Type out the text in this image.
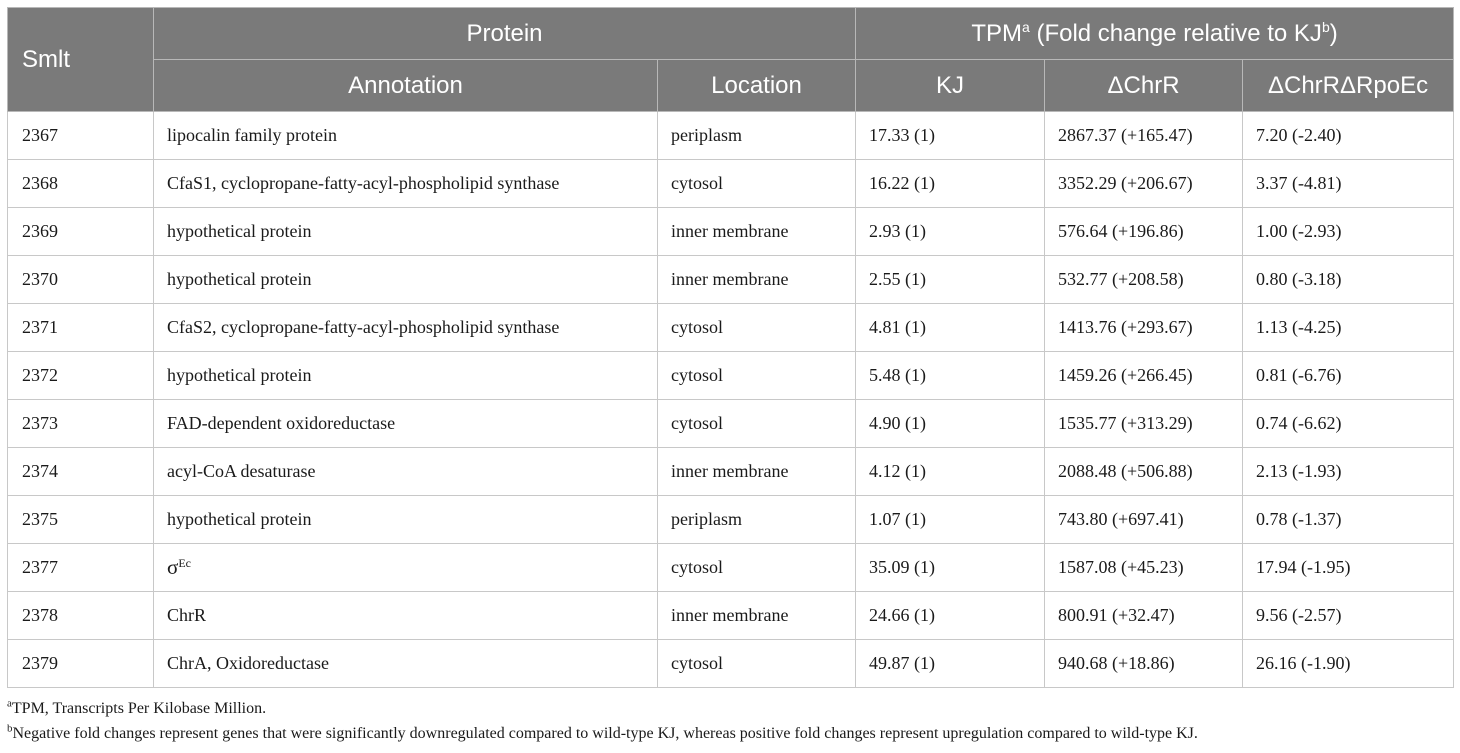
Smlt	Protein		TPM$^a$ (Fold change relative to $KJ^b$)		
	Annotation	Location	KJ	ΔChrR	ΔChrRΔRpoEc
2367	lipocalin family protein	periplasm	17.33 (1)	2867.37 (+165.47)	7.20 (-2.40)
2368	CfaS1, cyclopropane-fatty-acyl-phospholipid synthase	cytosol	16.22 (1)	3352.29 (+206.67)	3.37 (-4.81)
2369	hypothetical protein	inner membrane	2.93 (1)	576.64 (+196.86)	1.00 (-2.93)
2370	hypothetical protein	inner membrane	2.55 (1)	532.77 (+208.58)	0.80 (-3.18)
2371	CfaS2, cyclopropane-fatty-acyl-phospholipid synthase	cytosol	4.81 (1)	1413.76 (+293.67)	1.13 (-4.25)
2372	hypothetical protein	cytosol	5.48 (1)	1459.26 (+266.45)	0.81 (-6.76)
2373	FAD-dependent oxidoreductase	cytosol	4.90 (1)	1535.77 (+313.29)	0.74 (-6.62)
2374	acyl-CoA desaturase	inner membrane	4.12 (1)	2088.48 (+506.88)	2.13 (-1.93)
2375	hypothetical protein	periplasm	1.07 (1)	743.80 (+697.41)	0.78 (-1.37)
2377	$\sigma^{Ec}$	cytosol	35.09 (1)	1587.08 (+45.23)	17.94 (-1.95)
2378	ChrR	inner membrane	24.66 (1)	800.91 (+32.47)	9.56 (-2.57)
2379	ChrA, Oxidoreductase	cytosol	49.87 (1)	940.68 (+18.86)	26.16 (-1.90)
$^a$TPM, Transcripts Per Kilobase Million.
$^b$Negative fold changes represent genes that were significantly downregulated compared to wild-type KJ, whereas positive fold changes represent upregulation compared to wild-type KJ.
